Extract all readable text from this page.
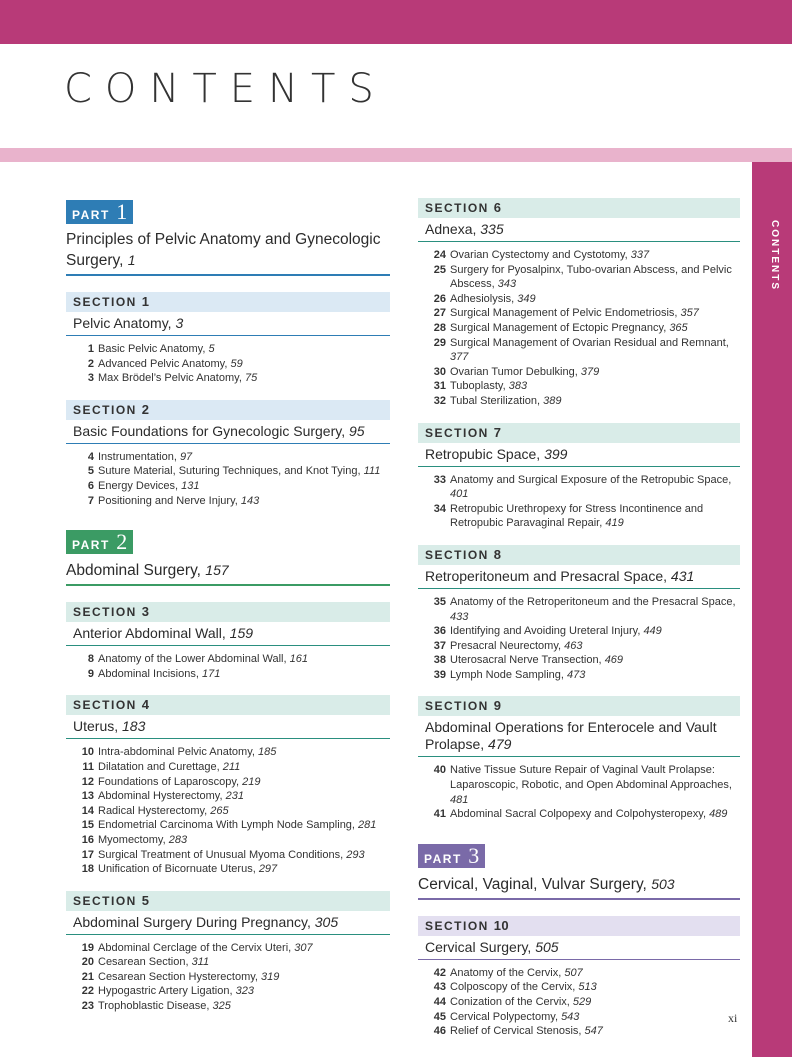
CONTENTS
CONTENTS
PART 1
Principles of Pelvic Anatomy and Gynecologic Surgery, 1
SECTION 1
Pelvic Anatomy, 3
1 Basic Pelvic Anatomy, 5
2 Advanced Pelvic Anatomy, 59
3 Max Brödel’s Pelvic Anatomy, 75
SECTION 2
Basic Foundations for Gynecologic Surgery, 95
4 Instrumentation, 97
5 Suture Material, Suturing Techniques, and Knot Tying, 111
6 Energy Devices, 131
7 Positioning and Nerve Injury, 143
PART 2
Abdominal Surgery, 157
SECTION 3
Anterior Abdominal Wall, 159
8 Anatomy of the Lower Abdominal Wall, 161
9 Abdominal Incisions, 171
SECTION 4
Uterus, 183
10 Intra-abdominal Pelvic Anatomy, 185
11 Dilatation and Curettage, 211
12 Foundations of Laparoscopy, 219
13 Abdominal Hysterectomy, 231
14 Radical Hysterectomy, 265
15 Endometrial Carcinoma With Lymph Node Sampling, 281
16 Myomectomy, 283
17 Surgical Treatment of Unusual Myoma Conditions, 293
18 Unification of Bicornuate Uterus, 297
SECTION 5
Abdominal Surgery During Pregnancy, 305
19 Abdominal Cerclage of the Cervix Uteri, 307
20 Cesarean Section, 311
21 Cesarean Section Hysterectomy, 319
22 Hypogastric Artery Ligation, 323
23 Trophoblastic Disease, 325
SECTION 6
Adnexa, 335
24 Ovarian Cystectomy and Cystotomy, 337
25 Surgery for Pyosalpinx, Tubo-ovarian Abscess, and Pelvic Abscess, 343
26 Adhesiolysis, 349
27 Surgical Management of Pelvic Endometriosis, 357
28 Surgical Management of Ectopic Pregnancy, 365
29 Surgical Management of Ovarian Residual and Remnant, 377
30 Ovarian Tumor Debulking, 379
31 Tuboplasty, 383
32 Tubal Sterilization, 389
SECTION 7
Retropubic Space, 399
33 Anatomy and Surgical Exposure of the Retropubic Space, 401
34 Retropubic Urethropexy for Stress Incontinence and Retropubic Paravaginal Repair, 419
SECTION 8
Retroperitoneum and Presacral Space, 431
35 Anatomy of the Retroperitoneum and the Presacral Space, 433
36 Identifying and Avoiding Ureteral Injury, 449
37 Presacral Neurectomy, 463
38 Uterosacral Nerve Transection, 469
39 Lymph Node Sampling, 473
SECTION 9
Abdominal Operations for Enterocele and Vault Prolapse, 479
40 Native Tissue Suture Repair of Vaginal Vault Prolapse: Laparoscopic, Robotic, and Open Abdominal Approaches, 481
41 Abdominal Sacral Colpopexy and Colpohysteropexy, 489
PART 3
Cervical, Vaginal, Vulvar Surgery, 503
SECTION 10
Cervical Surgery, 505
42 Anatomy of the Cervix, 507
43 Colposcopy of the Cervix, 513
44 Conization of the Cervix, 529
45 Cervical Polypectomy, 543
46 Relief of Cervical Stenosis, 547
xi
